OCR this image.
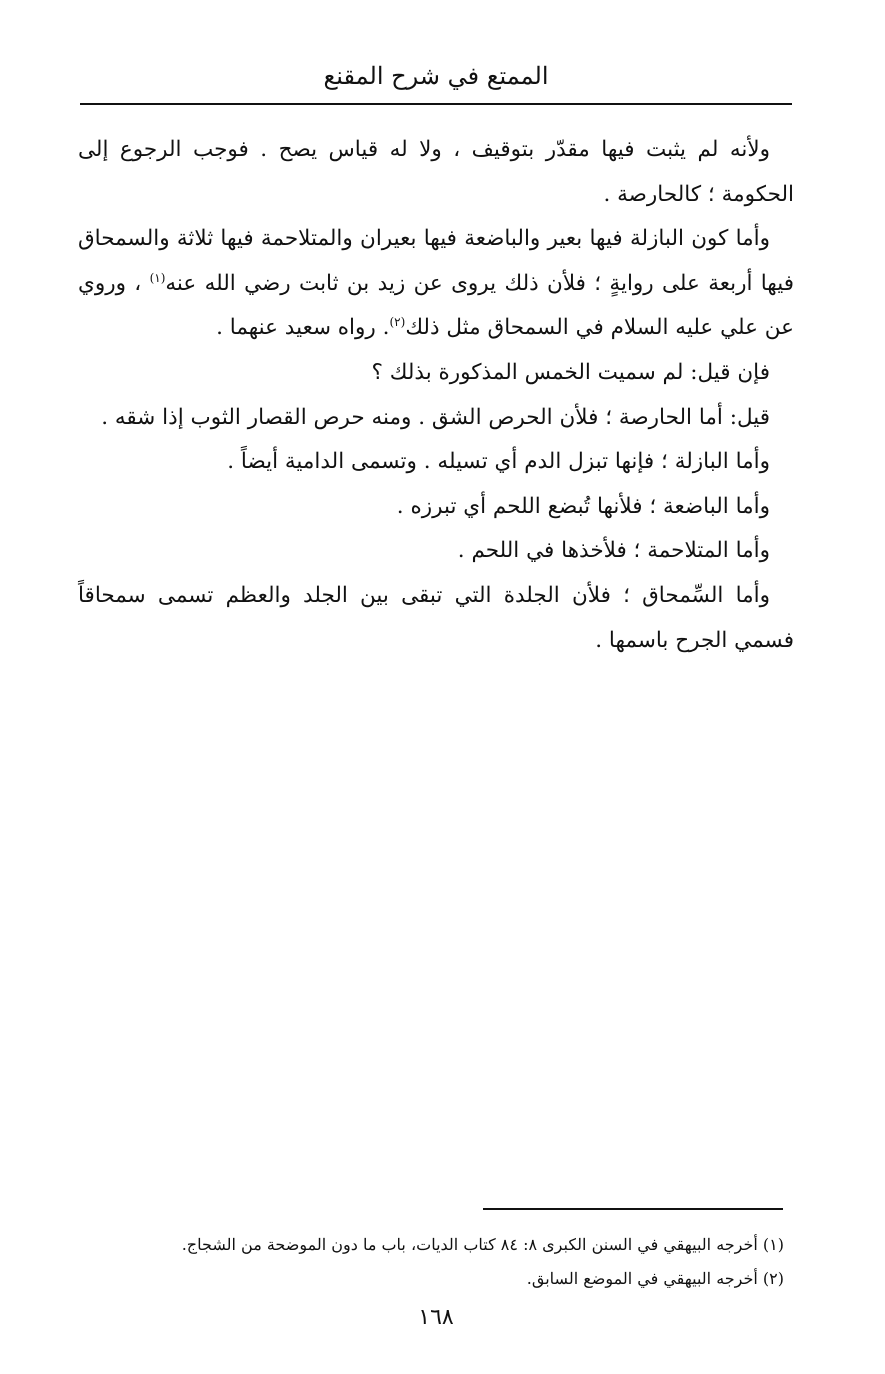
الممتع في شرح المقنع

ولأنه لم يثبت فيها مقدّر بتوقيف ، ولا له قياس يصح . فوجب الرجوع إلى الحكومة ؛ كالحارصة .

وأما كون البازلة فيها بعير والباضعة فيها بعيران والمتلاحمة فيها ثلاثة والسمحاق فيها أربعة على روايةٍ ؛ فلأن ذلك يروى عن زيد بن ثابت رضي الله عنه$^{(١)}$ ، وروي عن علي عليه السلام في السمحاق مثل ذلك$^{(٢)}$. رواه سعيد عنهما .

فإن قيل: لم سميت الخمس المذكورة بذلك ؟

قيل: أما الحارصة ؛ فلأن الحرص الشق . ومنه حرص القصار الثوب إذا شقه .

وأما البازلة ؛ فإنها تبزل الدم أي تسيله . وتسمى الدامية أيضاً .

وأما الباضعة ؛ فلأنها تُبضع اللحم أي تبرزه .

وأما المتلاحمة ؛ فلأخذها في اللحم .

وأما السِّمحاق ؛ فلأن الجلدة التي تبقى بين الجلد والعظم تسمى سمحاقاً فسمي الجرح باسمها .

(١) أخرجه البيهقي في السنن الكبرى ٨: ٨٤ كتاب الديات، باب ما دون الموضحة من الشجاج.

(٢) أخرجه البيهقي في الموضع السابق.

١٦٨
